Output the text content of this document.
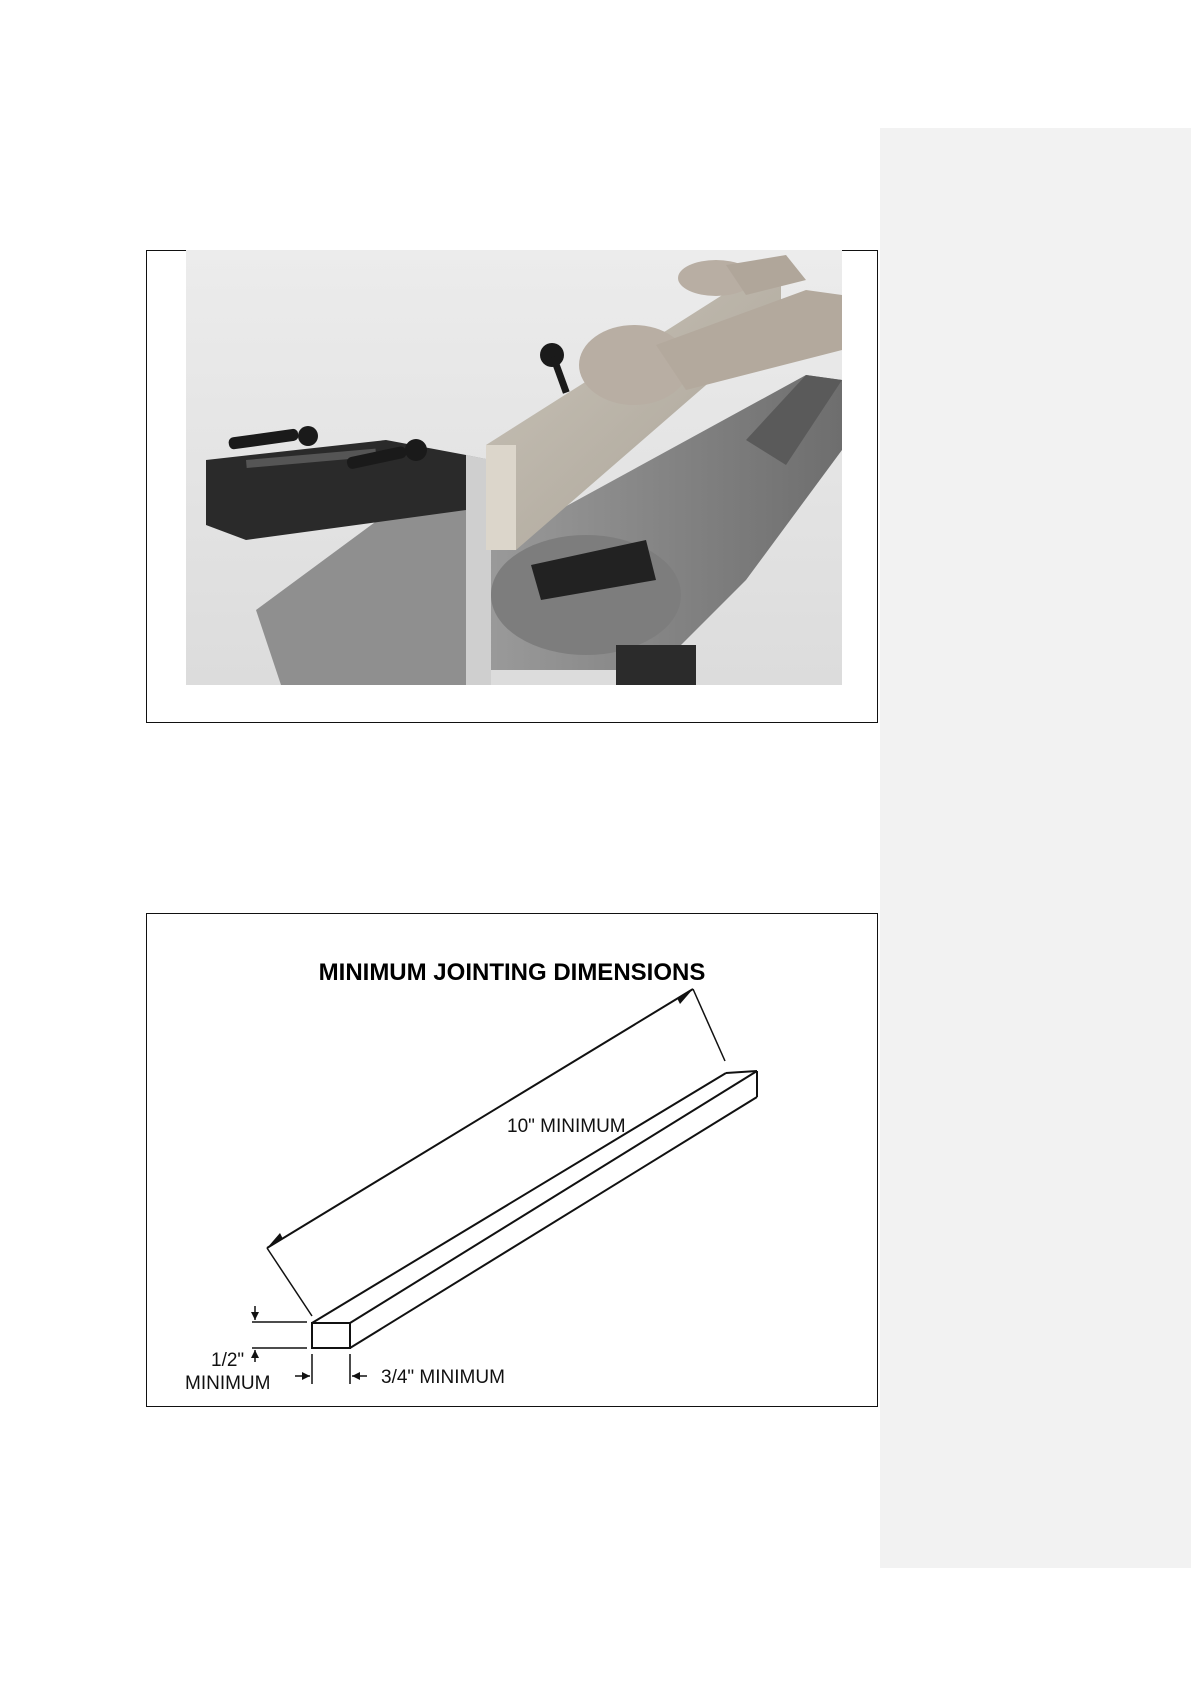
MINIMUM JOINTING DIMENSIONS
10" MINIMUM
1/2"
MINIMUM	3/4" MINIMUM
